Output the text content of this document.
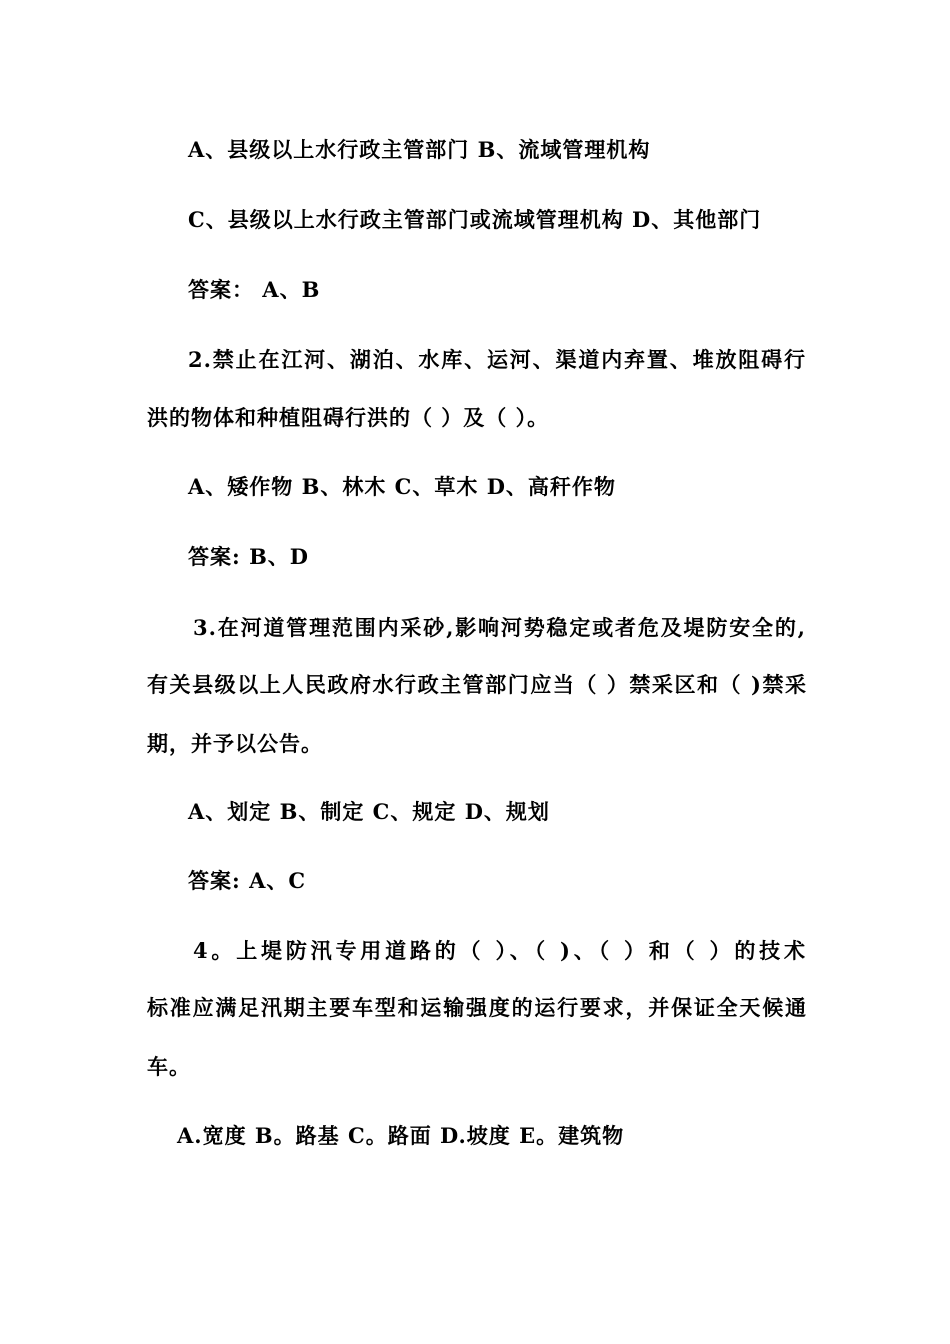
A、县级以上水行政主管部门 B、流域管理机构
C、县级以上水行政主管部门或流域管理机构 D、其他部门
答案： A、B
2.禁止在江河、湖泊、水库、运河、渠道内弃置、堆放阻碍行
洪的物体和种植阻碍行洪的（ ）及（ ）。
A、矮作物 B、林木 C、草木 D、高秆作物
答案: B、D
3.在河道管理范围内采砂,影响河势稳定或者危及堤防安全的,
有关县级以上人民政府水行政主管部门应当（ ）禁采区和（ )禁采
期，并予以公告。
A、划定 B、制定 C、规定 D、规划
答案: A、C
4。上堤防汛专用道路的（ ）、（ )、（ ）和（ ）的技术
标准应满足汛期主要车型和运输强度的运行要求，并保证全天候通
车。
A.宽度 B。路基 C。路面 D.坡度 E。建筑物
